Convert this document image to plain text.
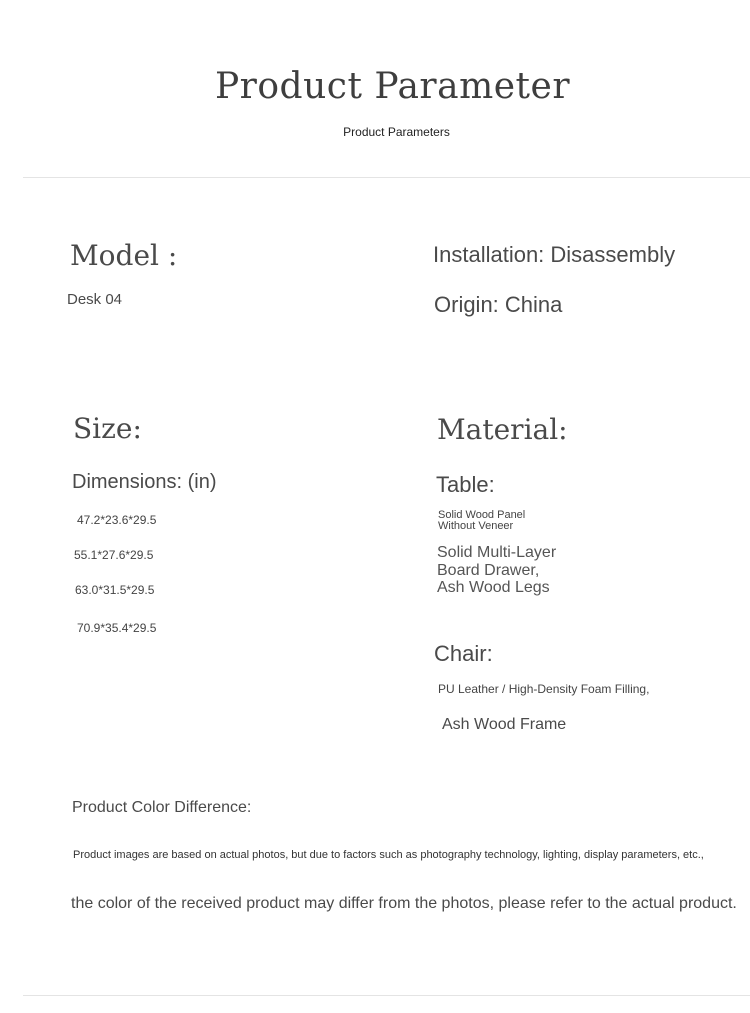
Product Parameter
Product Parameters
Model :
Desk 04
Installation: Disassembly
Origin: China
Size:
Dimensions: (in)
47.2*23.6*29.5
55.1*27.6*29.5
63.0*31.5*29.5
70.9*35.4*29.5
Material:
Table:
Solid Wood Panel
Without Veneer
Solid Multi-Layer
Board Drawer,
Ash Wood Legs
Chair:
PU Leather / High-Density Foam Filling,
Ash Wood Frame
Product Color Difference:
Product images are based on actual photos, but due to factors such as photography technology, lighting, display parameters, etc.,
the color of the received product may differ from the photos, please refer to the actual product.
